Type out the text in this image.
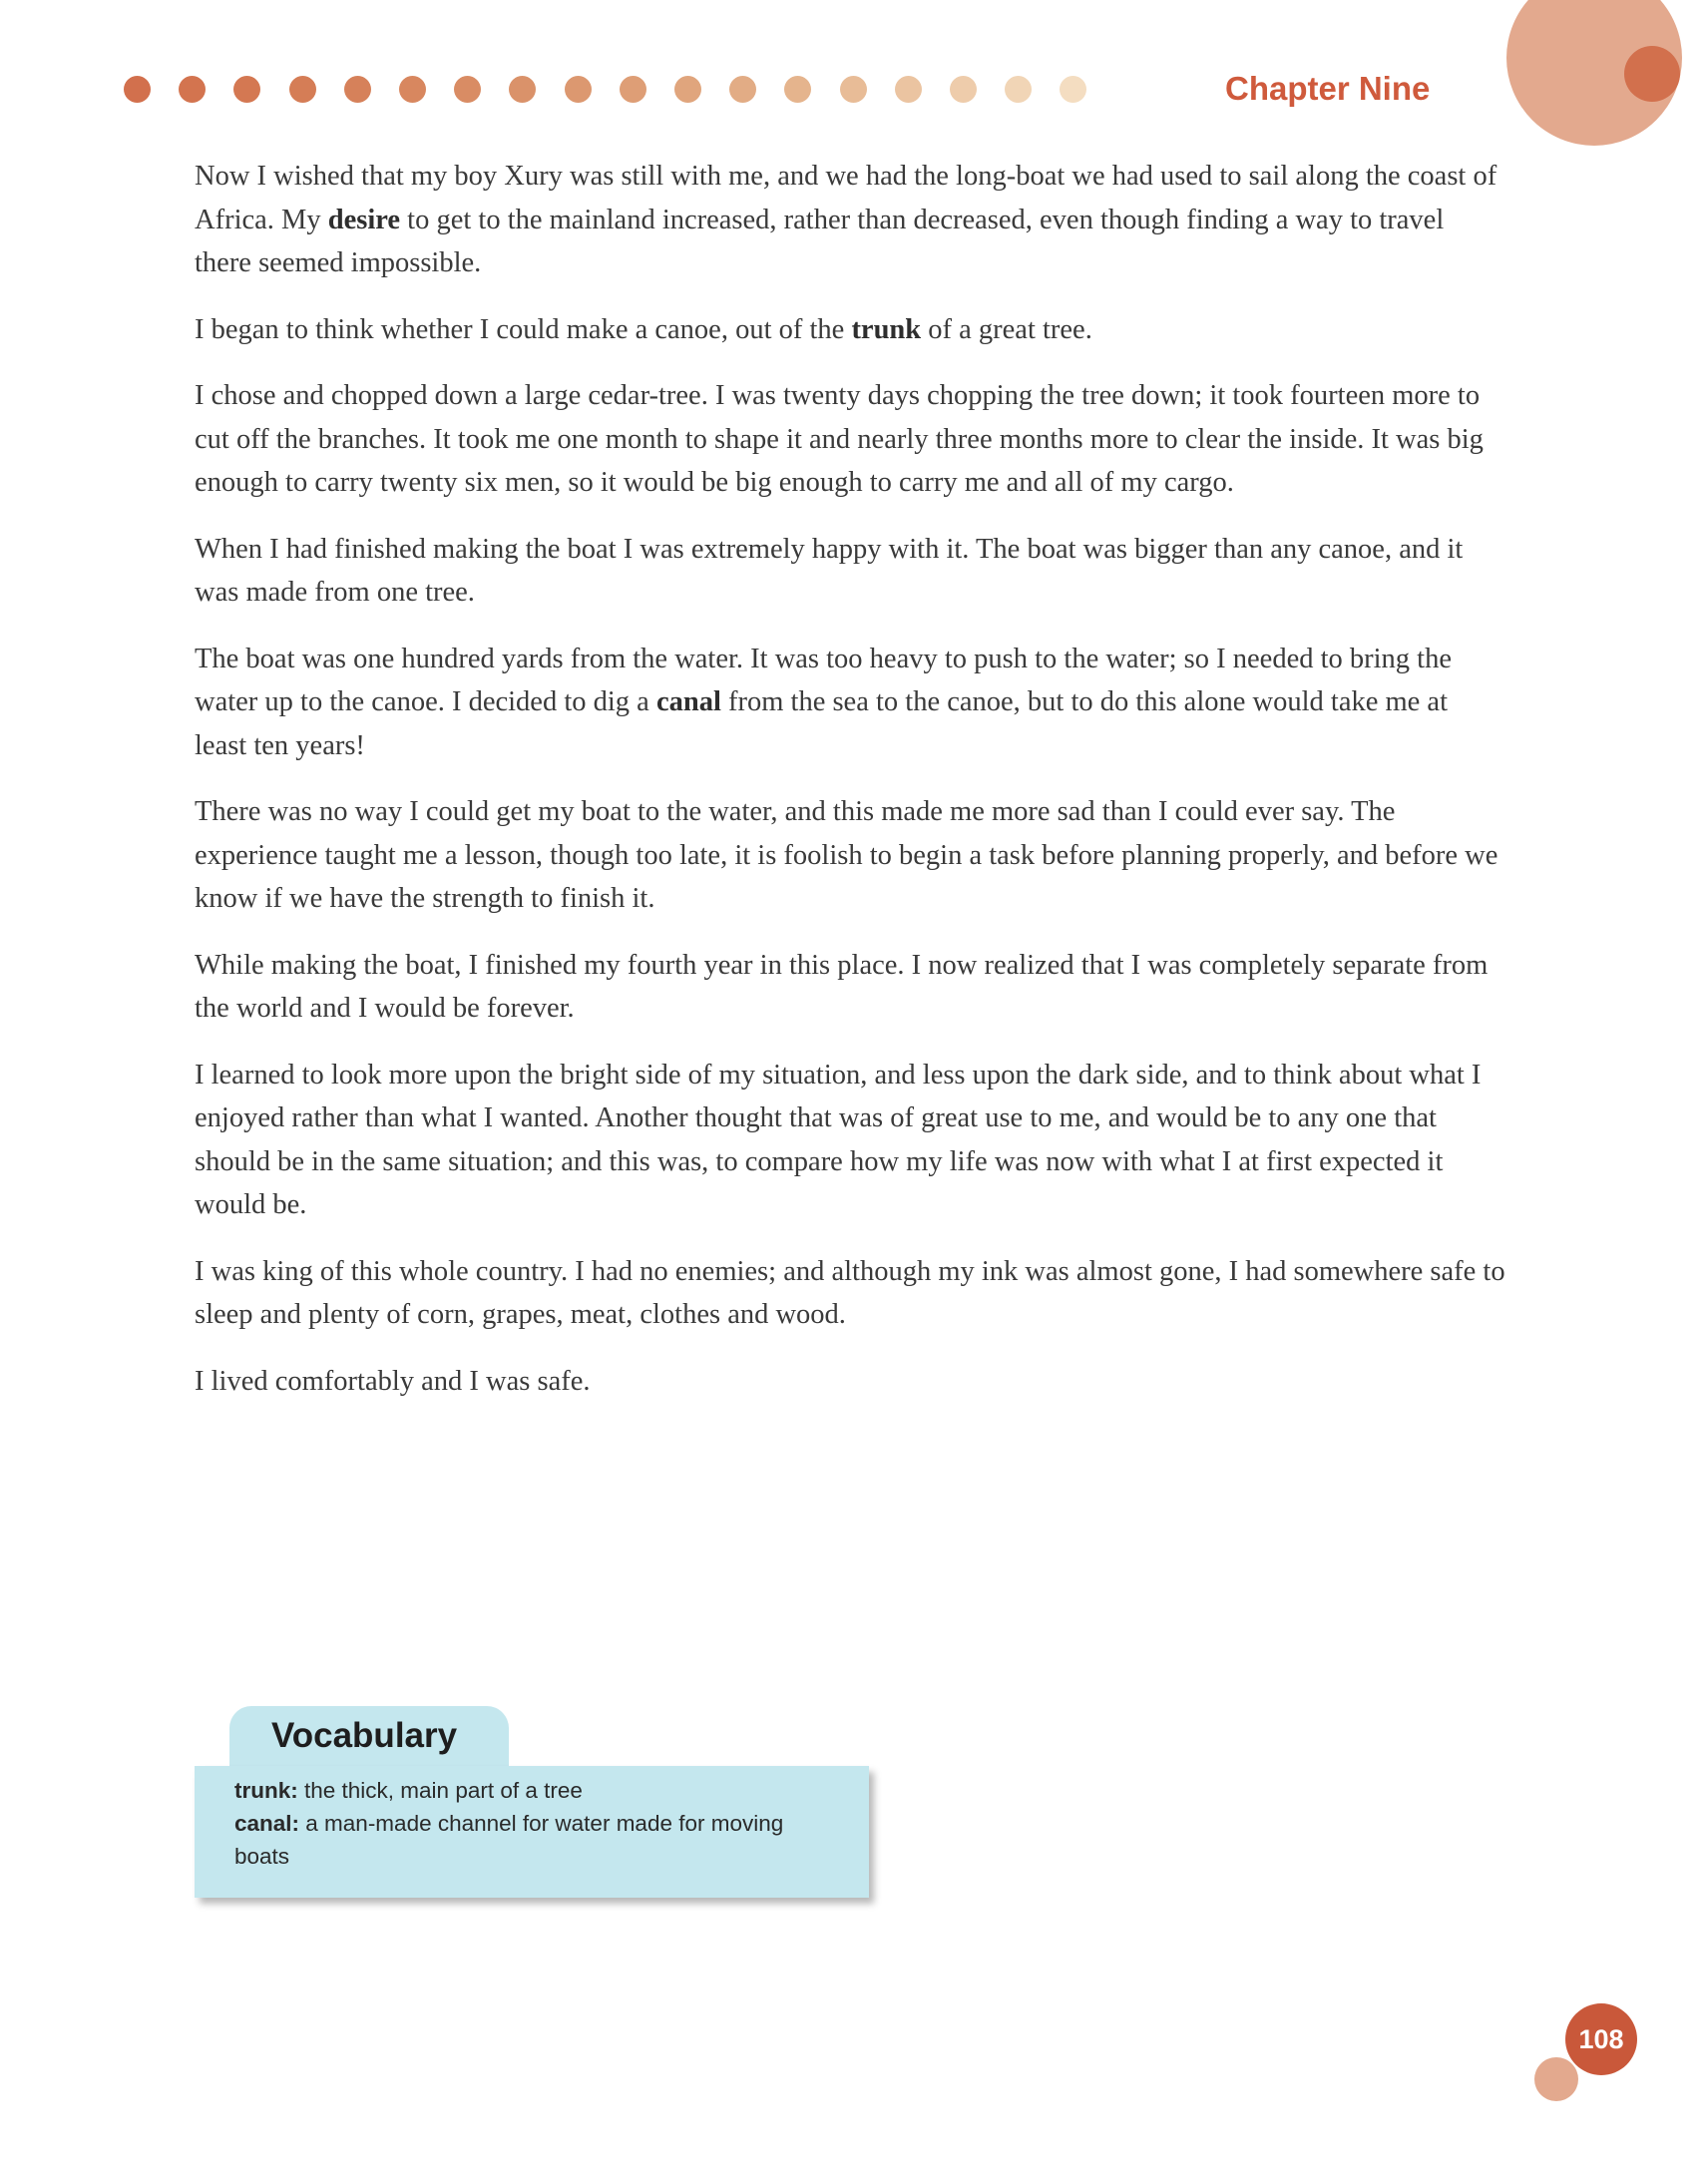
Chapter Nine

Now I wished that my boy Xury was still with me, and we had the long-boat we had used to sail along the coast of Africa. My desire to get to the mainland increased, rather than decreased, even though finding a way to travel there seemed impossible.

I began to think whether I could make a canoe, out of the trunk of a great tree.

I chose and chopped down a large cedar-tree. I was twenty days chopping the tree down; it took fourteen more to cut off the branches. It took me one month to shape it and nearly three months more to clear the inside. It was big enough to carry twenty six men, so it would be big enough to carry me and all of my cargo.

When I had finished making the boat I was extremely happy with it. The boat was bigger than any canoe, and it was made from one tree.

The boat was one hundred yards from the water. It was too heavy to push to the water; so I needed to bring the water up to the canoe. I decided to dig a canal from the sea to the canoe, but to do this alone would take me at least ten years!

There was no way I could get my boat to the water, and this made me more sad than I could ever say. The experience taught me a lesson, though too late, it is foolish to begin a task before planning properly, and before we know if we have the strength to finish it.

While making the boat, I finished my fourth year in this place. I now realized that I was completely separate from the world and I would be forever.

I learned to look more upon the bright side of my situation, and less upon the dark side, and to think about what I enjoyed rather than what I wanted. Another thought that was of great use to me, and would be to any one that should be in the same situation; and this was, to compare how my life was now with what I at first expected it would be.

I was king of this whole country. I had no enemies; and although my ink was almost gone, I had somewhere safe to sleep and plenty of corn, grapes, meat, clothes and wood.

I lived comfortably and I was safe.

Vocabulary
trunk: the thick, main part of a tree
canal: a man-made channel for water made for moving boats
108
